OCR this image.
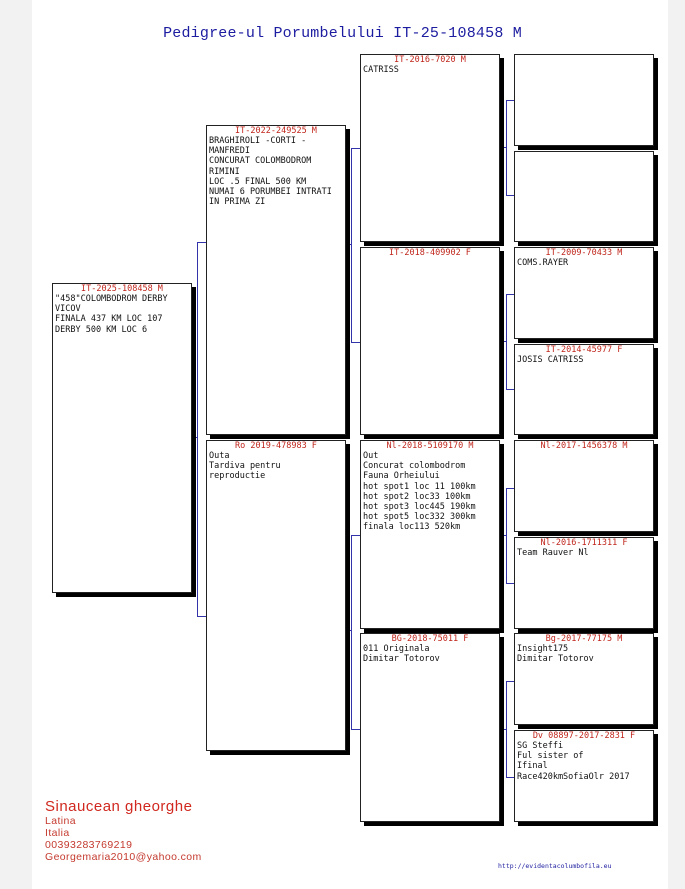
Pedigree-ul Porumbelului IT-25-108458 M
IT-2025-108458 M
"458"COLOMBODROM DERBY
VICOV
FINALA 437 KM LOC 107
DERBY 500 KM LOC 6
IT-2022-249525 M
BRAGHIROLI -CORTI -
MANFREDI
CONCURAT COLOMBODROM
RIMINI
LOC .5 FINAL 500 KM
NUMAI 6 PORUMBEI INTRATI
IN PRIMA ZI
Ro 2019-478983 F
Outa
Tardiva pentru
reproductie
IT-2016-7020 M
CATRISS
IT-2018-409902 F
Nl-2018-5109170 M
Out
Concurat colombodrom
Fauna Orheiului
hot spot1 loc 11 100km
hot spot2 loc33 100km
hot spot3 loc445 190km
hot spot5 loc332 300km
finala loc113 520km
BG-2018-75011 F
011 Originala
Dimitar Totorov
IT-2009-70433 M
COMS.RAYER
IT-2014-45977 F
JOSIS CATRISS
Nl-2017-1456378 M
Nl-2016-1711311 F
Team Rauver Nl
Bg-2017-77175 M
Insight175
Dimitar Totorov
Dv 08897-2017-2831 F
SG Steffi
Ful sister of
Ifinal
Race420kmSofiaOlr 2017
Sinaucean gheorghe
Latina
Italia
00393283769219
Georgemaria2010@yahoo.com
http://evidentacolumbofila.eu
